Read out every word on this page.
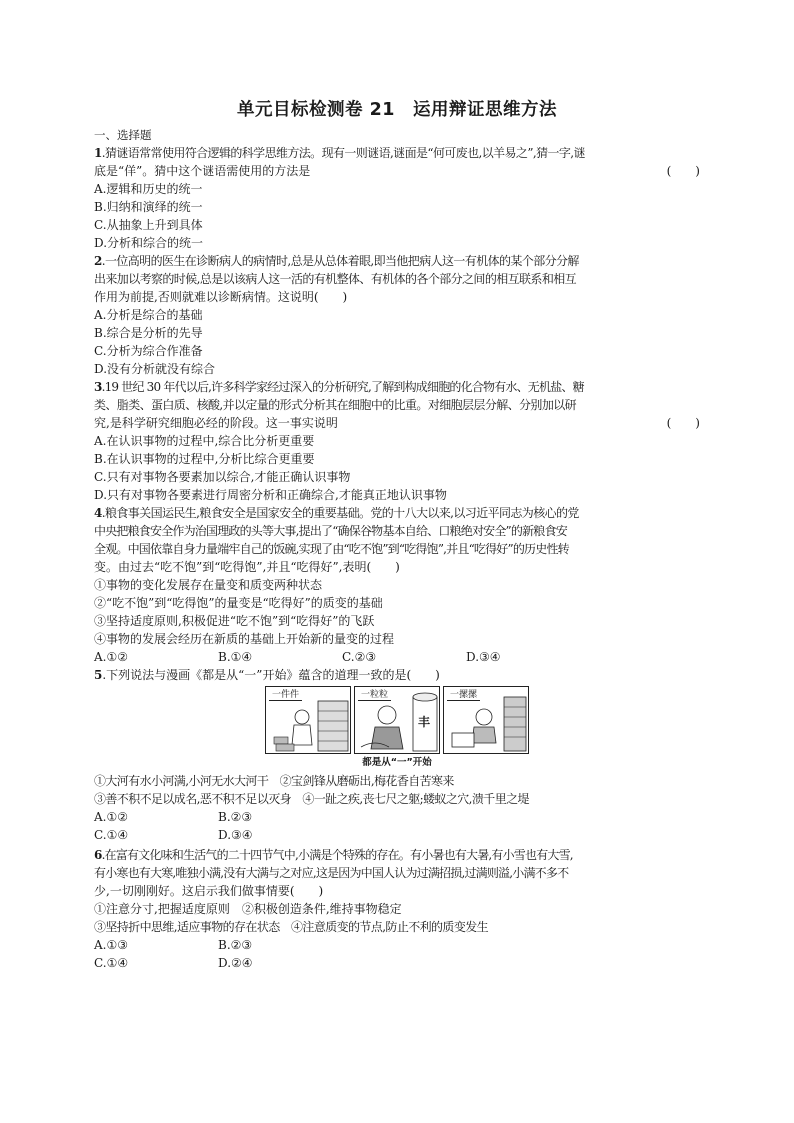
单元目标检测卷 21　运用辩证思维方法
一、选择题
1.猜谜语常常使用符合逻辑的科学思维方法。现有一则谜语,谜面是“何可废也,以羊易之”,猜一字,谜
底是“佯”。猜中这个谜语需使用的方法是	(　　)
A.逻辑和历史的统一
B.归纳和演绎的统一
C.从抽象上升到具体
D.分析和综合的统一
2.一位高明的医生在诊断病人的病情时,总是从总体着眼,即当他把病人这一有机体的某个部分分解
出来加以考察的时候,总是以该病人这一活的有机整体、有机体的各个部分之间的相互联系和相互
作用为前提,否则就难以诊断病情。这说明(　　)
A.分析是综合的基础
B.综合是分析的先导
C.分析为综合作准备
D.没有分析就没有综合
3.19 世纪 30 年代以后,许多科学家经过深入的分析研究,了解到构成细胞的化合物有水、无机盐、糖
类、脂类、蛋白质、核酸,并以定量的形式分析其在细胞中的比重。对细胞层层分解、分别加以研
究,是科学研究细胞必经的阶段。这一事实说明	(　　)
A.在认识事物的过程中,综合比分析更重要
B.在认识事物的过程中,分析比综合更重要
C.只有对事物各要素加以综合,才能正确认识事物
D.只有对事物各要素进行周密分析和正确综合,才能真正地认识事物
4.粮食事关国运民生,粮食安全是国家安全的重要基础。党的十八大以来,以习近平同志为核心的党
中央把粮食安全作为治国理政的头等大事,提出了“确保谷物基本自给、口粮绝对安全”的新粮食安
全观。中国依靠自身力量端牢自己的饭碗,实现了由“吃不饱”到“吃得饱”,并且“吃得好”的历史性转
变。由过去“吃不饱”到“吃得饱”,并且“吃得好”,表明(　　)
①事物的变化发展存在量变和质变两种状态
②“吃不饱”到“吃得饱”的量变是“吃得好”的质变的基础
③坚持适度原则,积极促进“吃不饱”到“吃得好”的飞跃
④事物的发展会经历在新质的基础上开始新的量变的过程
A.①②	B.①④	C.②③	D.③④
5.下列说法与漫画《都是从“一”开始》蕴含的道理一致的是(　　)
一件件	一粒粒
丰
一摞摞
都是从“一”开始
①大河有水小河满,小河无水大河干　②宝剑锋从磨砺出,梅花香自苦寒来
③善不积不足以成名,恶不积不足以灭身　④一趾之疾,丧七尺之躯;蝼蚁之穴,溃千里之堤
A.①②	B.②③
C.①④	D.③④
6.在富有文化味和生活气的二十四节气中,小满是个特殊的存在。有小暑也有大暑,有小雪也有大雪,
有小寒也有大寒,唯独小满,没有大满与之对应,这是因为中国人认为过满招损,过满则溢,小满不多不
少,一切刚刚好。这启示我们做事情要(　　)
①注意分寸,把握适度原则　②积极创造条件,维持事物稳定
③坚持折中思维,适应事物的存在状态　④注意质变的节点,防止不利的质变发生
A.①③	B.②③
C.①④	D.②④
